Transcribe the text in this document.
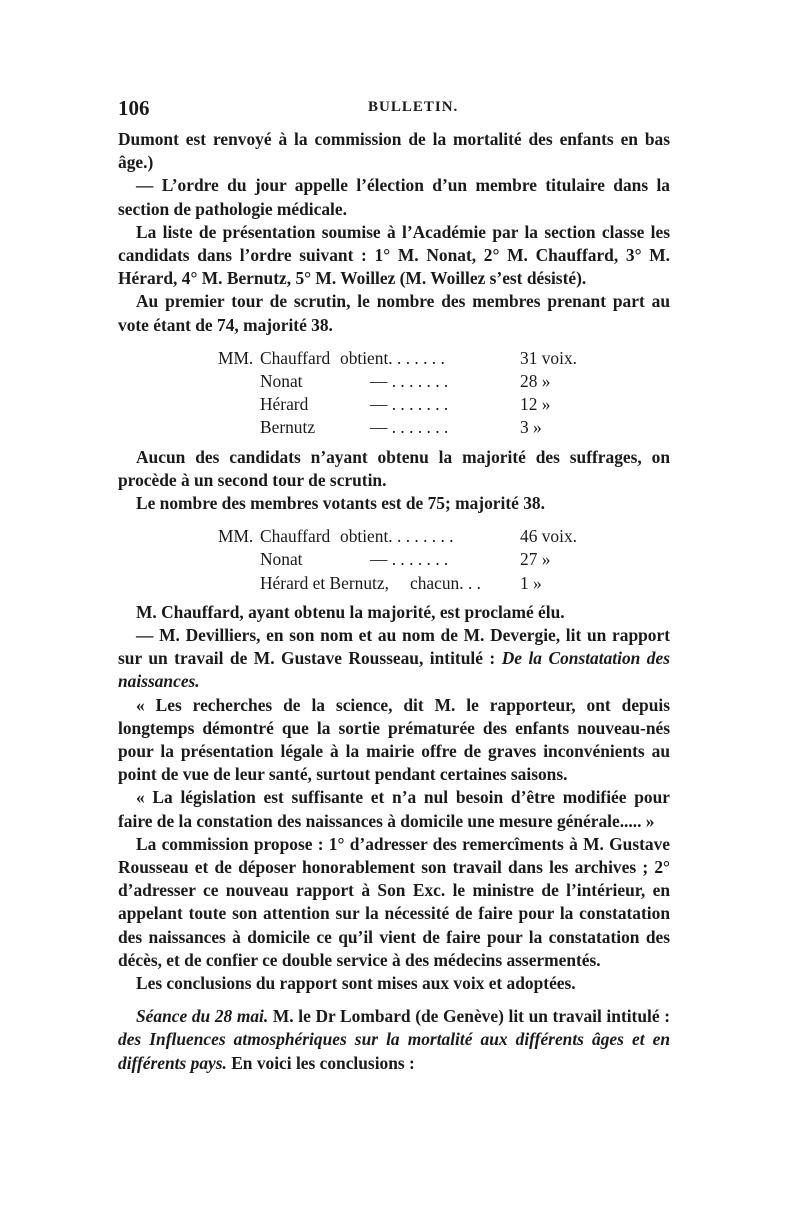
106	BULLETIN.

Dumont est renvoyé à la commission de la mortalité des enfants en bas âge.)

— L’ordre du jour appelle l’élection d’un membre titulaire dans la section de pathologie médicale.

La liste de présentation soumise à l’Académie par la section classe les candidats dans l’ordre suivant : 1° M. Nonat, 2° M. Chauffard, 3° M. Hérard, 4° M. Bernutz, 5° M. Woillez (M. Woillez s’est désisté).

Au premier tour de scrutin, le nombre des membres prenant part au vote étant de 74, majorité 38.

MM. Chauffard obtient. . . . . . .	31 voix.
Nonat	— . . . . . . .	28 »
Hérard	— . . . . . . .	12 »
Bernutz	— . . . . . . .	3 »

Aucun des candidats n’ayant obtenu la majorité des suffrages, on procède à un second tour de scrutin.

Le nombre des membres votants est de 75; majorité 38.

MM. Chauffard obtient. . . . . . . .	46 voix.
Nonat	— . . . . . . .	27 »
Hérard et Bernutz,	chacun. . .	1 »

M. Chauffard, ayant obtenu la majorité, est proclamé élu.

— M. Devilliers, en son nom et au nom de M. Devergie, lit un rapport sur un travail de M. Gustave Rousseau, intitulé : De la Constatation des naissances.

« Les recherches de la science, dit M. le rapporteur, ont depuis longtemps démontré que la sortie prématurée des enfants nouveau-nés pour la présentation légale à la mairie offre de graves inconvénients au point de vue de leur santé, surtout pendant certaines saisons.

« La législation est suffisante et n’a nul besoin d’être modifiée pour faire de la constation des naissances à domicile une mesure générale..... »

La commission propose : 1° d’adresser des remercîments à M. Gustave Rousseau et de déposer honorablement son travail dans les archives ; 2° d’adresser ce nouveau rapport à Son Exc. le ministre de l’intérieur, en appelant toute son attention sur la nécessité de faire pour la constatation des naissances à domicile ce qu’il vient de faire pour la constatation des décès, et de confier ce double service à des médecins assermentés.

Les conclusions du rapport sont mises aux voix et adoptées.

Séance du 28 mai. M. le Dr Lombard (de Genève) lit un travail intitulé : des Influences atmosphériques sur la mortalité aux différents âges et en différents pays. En voici les conclusions :
